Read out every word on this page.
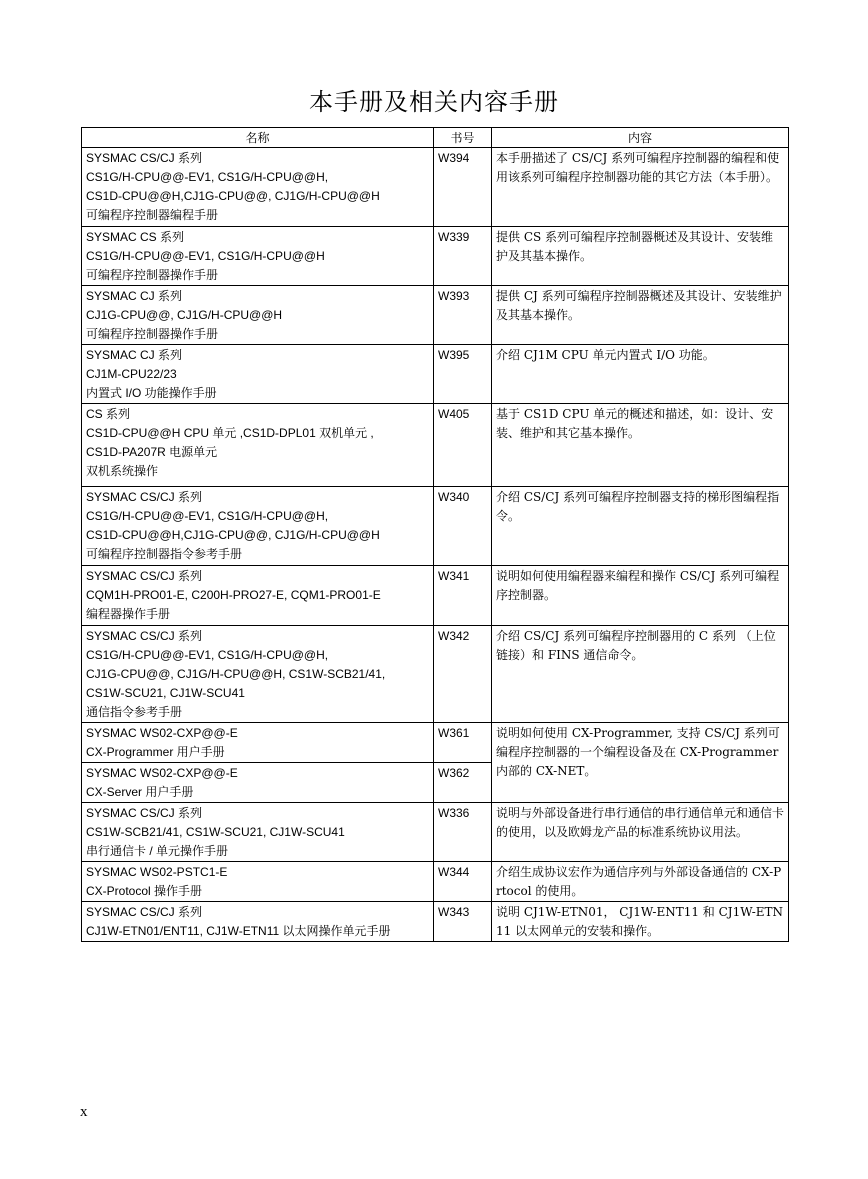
本手册及相关内容手册
名称	书号	内容

SYSMAC CS/CJ 系列
CS1G/H-CPU@@-EV1, CS1G/H-CPU@@H,
CS1D-CPU@@H,CJ1G-CPU@@, CJ1G/H-CPU@@H
可编程序控制器编程手册	W394	本手册描述了 CS/CJ 系列可编程序控制器的编程和使用该系列可编程序控制器功能的其它方法（本手册）。

SYSMAC CS 系列
CS1G/H-CPU@@-EV1, CS1G/H-CPU@@H
可编程序控制器操作手册	W339	提供 CS 系列可编程序控制器概述及其设计、安装维护及其基本操作。

SYSMAC CJ 系列
CJ1G-CPU@@, CJ1G/H-CPU@@H
可编程序控制器操作手册	W393	提供 CJ 系列可编程序控制器概述及其设计、安装维护及其基本操作。

SYSMAC CJ 系列
CJ1M-CPU22/23
内置式 I/O 功能操作手册	W395	介绍 CJ1M CPU 单元内置式 I/O 功能。

CS 系列
CS1D-CPU@@H CPU 单元 ,CS1D-DPL01 双机单元 ,
CS1D-PA207R 电源单元
双机系统操作	W405	基于 CS1D CPU 单元的概述和描述，如：设计、安装、维护和其它基本操作。

SYSMAC CS/CJ 系列
CS1G/H-CPU@@-EV1, CS1G/H-CPU@@H,
CS1D-CPU@@H,CJ1G-CPU@@, CJ1G/H-CPU@@H
可编程序控制器指令参考手册	W340	介绍 CS/CJ 系列可编程序控制器支持的梯形图编程指令。

SYSMAC CS/CJ 系列
CQM1H-PRO01-E, C200H-PRO27-E, CQM1-PRO01-E
编程器操作手册	W341	说明如何使用编程器来编程和操作 CS/CJ 系列可编程序控制器。

SYSMAC CS/CJ 系列
CS1G/H-CPU@@-EV1, CS1G/H-CPU@@H,
CJ1G-CPU@@, CJ1G/H-CPU@@H, CS1W-SCB21/41,
CS1W-SCU21, CJ1W-SCU41
通信指令参考手册	W342	介绍 CS/CJ 系列可编程序控制器用的 C 系列 （上位链接）和 FINS 通信命令。

SYSMAC WS02-CXP@@-E
CX-Programmer 用户手册	W361	说明如何使用 CX-Programmer, 支持 CS/CJ 系列可编程序控制器的一个编程设备及在 CX-Programmer 内部的 CX-NET。

SYSMAC WS02-CXP@@-E
CX-Server 用户手册	W362	

SYSMAC CS/CJ 系列
CS1W-SCB21/41, CS1W-SCU21, CJ1W-SCU41
串行通信卡 / 单元操作手册	W336	说明与外部设备进行串行通信的串行通信单元和通信卡的使用，以及欧姆龙产品的标准系统协议用法。

SYSMAC WS02-PSTC1-E
CX-Protocol 操作手册	W344	介绍生成协议宏作为通信序列与外部设备通信的 CX-Prtocol 的使用。

SYSMAC CS/CJ 系列
CJ1W-ETN01/ENT11, CJ1W-ETN11 以太网操作单元手册	W343	说明 CJ1W-ETN01， CJ1W-ENT11 和 CJ1W-ETN11 以太网单元的安装和操作。
x
